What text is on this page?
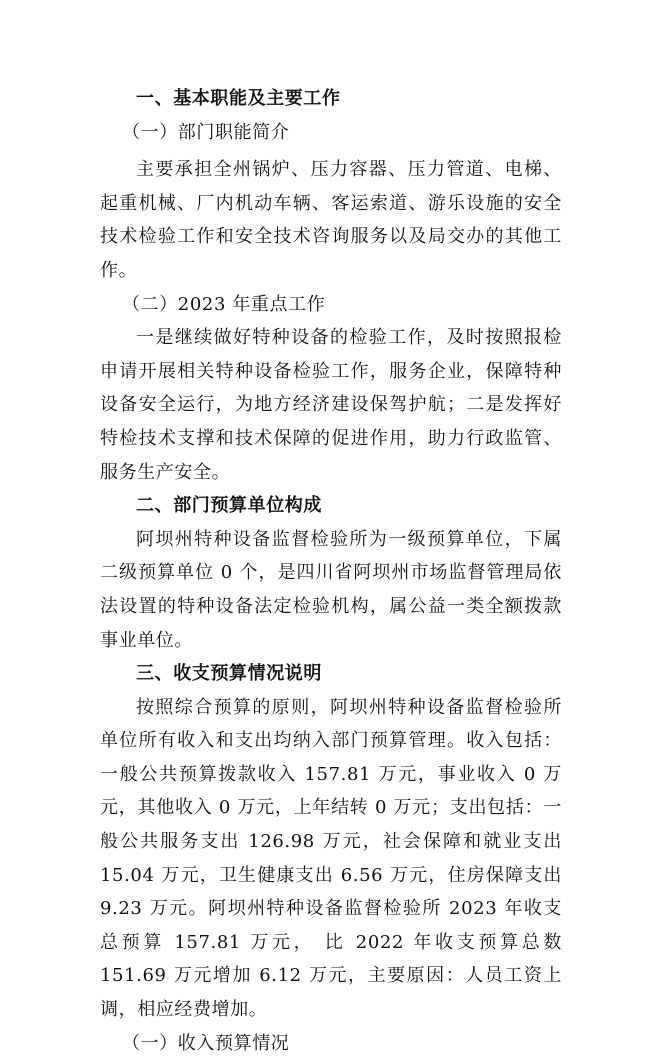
一、基本职能及主要工作
（一）部门职能简介
主要承担全州锅炉、压力容器、压力管道、电梯、起重机械、厂内机动车辆、客运索道、游乐设施的安全技术检验工作和安全技术咨询服务以及局交办的其他工作。
（二）2023 年重点工作
一是继续做好特种设备的检验工作，及时按照报检申请开展相关特种设备检验工作，服务企业，保障特种设备安全运行，为地方经济建设保驾护航；二是发挥好特检技术支撑和技术保障的促进作用，助力行政监管、服务生产安全。
二、部门预算单位构成
阿坝州特种设备监督检验所为一级预算单位，下属二级预算单位 0 个，是四川省阿坝州市场监督管理局依法设置的特种设备法定检验机构，属公益一类全额拨款事业单位。
三、收支预算情况说明
按照综合预算的原则，阿坝州特种设备监督检验所单位所有收入和支出均纳入部门预算管理。收入包括：一般公共预算拨款收入 157.81 万元，事业收入 0 万元，其他收入 0 万元，上年结转 0 万元；支出包括：一般公共服务支出 126.98 万元，社会保障和就业支出 15.04 万元，卫生健康支出 6.56 万元，住房保障支出 9.23 万元。阿坝州特种设备监督检验所 2023 年收支总预算 157.81 万元， 比 2022 年收支预算总数 151.69 万元增加 6.12 万元，主要原因：人员工资上调，相应经费增加。
（一）收入预算情况
